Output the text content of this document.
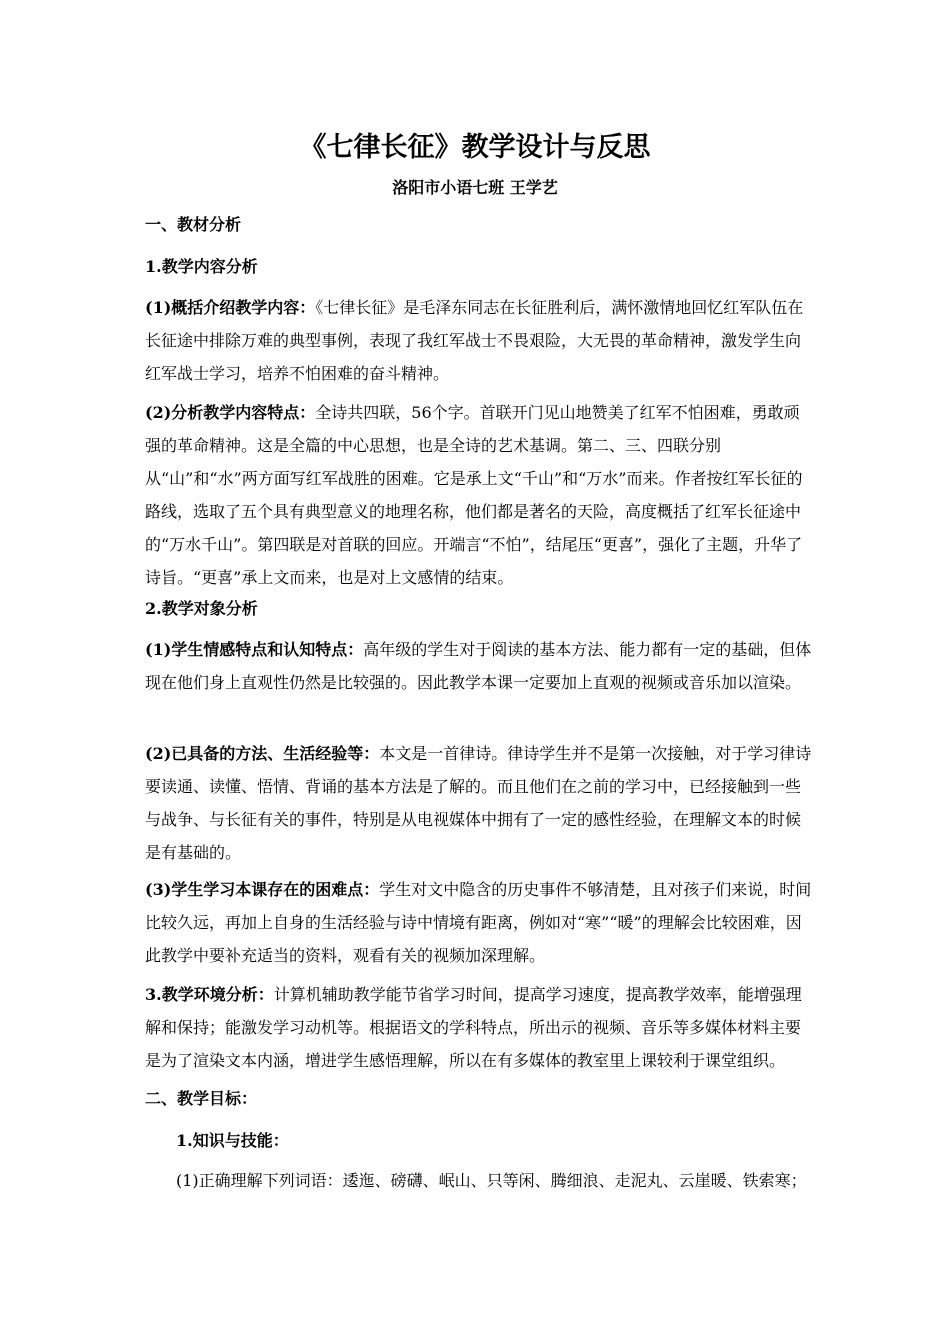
《七律长征》教学设计与反思
洛阳市小语七班 王学艺

一、教材分析

1.教学内容分析

(1)概括介绍教学内容：《七律长征》是毛泽东同志在长征胜利后，满怀激情地回忆红军队伍在长征途中排除万难的典型事例，表现了我红军战士不畏艰险，大无畏的革命精神，激发学生向红军战士学习，培养不怕困难的奋斗精神。

(2)分析教学内容特点：全诗共四联，56个字。首联开门见山地赞美了红军不怕困难，勇敢顽强的革命精神。这是全篇的中心思想，也是全诗的艺术基调。第二、三、四联分别从“山”和“水”两方面写红军战胜的困难。它是承上文“千山”和“万水”而来。作者按红军长征的路线，选取了五个具有典型意义的地理名称，他们都是著名的天险，高度概括了红军长征途中的“万水千山”。第四联是对首联的回应。开端言“不怕”，结尾压“更喜”，强化了主题，升华了诗旨。“更喜”承上文而来，也是对上文感情的结束。

2.教学对象分析

(1)学生情感特点和认知特点：高年级的学生对于阅读的基本方法、能力都有一定的基础，但体现在他们身上直观性仍然是比较强的。因此教学本课一定要加上直观的视频或音乐加以渲染。

(2)已具备的方法、生活经验等：本文是一首律诗。律诗学生并不是第一次接触，对于学习律诗要读通、读懂、悟情、背诵的基本方法是了解的。而且他们在之前的学习中，已经接触到一些与战争、与长征有关的事件，特别是从电视媒体中拥有了一定的感性经验，在理解文本的时候是有基础的。

(3)学生学习本课存在的困难点：学生对文中隐含的历史事件不够清楚，且对孩子们来说，时间比较久远，再加上自身的生活经验与诗中情境有距离，例如对“寒”“暖”的理解会比较困难，因此教学中要补充适当的资料，观看有关的视频加深理解。

3.教学环境分析：计算机辅助教学能节省学习时间，提高学习速度，提高教学效率，能增强理解和保持；能激发学习动机等。根据语文的学科特点，所出示的视频、音乐等多媒体材料主要是为了渲染文本内涵，增进学生感悟理解，所以在有多媒体的教室里上课较利于课堂组织。

二、教学目标：

1.知识与技能：

(1)正确理解下列词语：逶迤、磅礴、岷山、只等闲、腾细浪、走泥丸、云崖暖、铁索寒；
